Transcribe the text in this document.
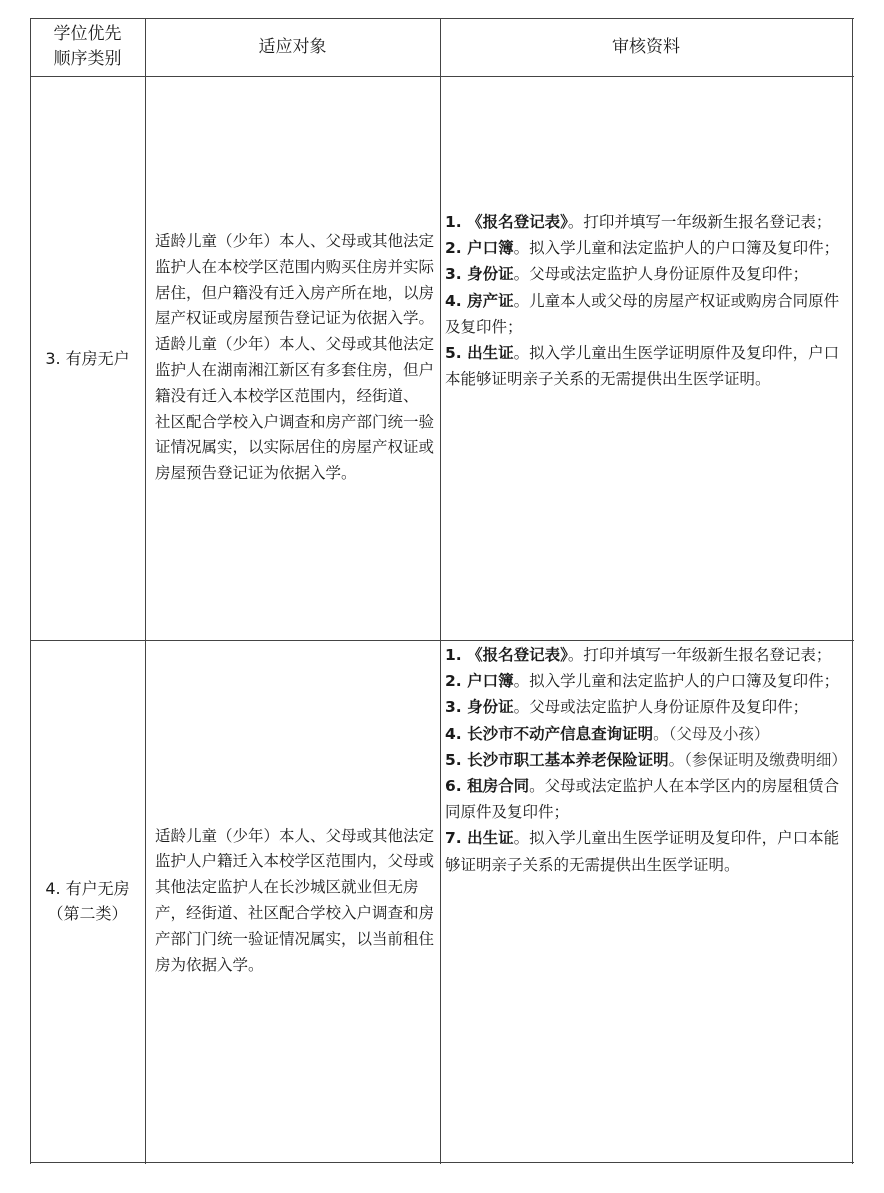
学位优先顺序类别
适应对象	审核资料
3. 有房无户
适龄儿童（少年）本人、父母或其他法定监护人在本校学区范围内购买住房并实际居住，但户籍没有迁入房产所在地，以房屋产权证或房屋预告登记证为依据入学。适龄儿童（少年）本人、父母或其他法定监护人在湖南湘江新区有多套住房，但户籍没有迁入本校学区范围内，经街道、 社区配合学校入户调查和房产部门统一验证情况属实，以实际居住的房屋产权证或房屋预告登记证为依据入学。

1. 《报名登记表》。打印并填写一年级新生报名登记表；

2. 户口簿。拟入学儿童和法定监护人的户口簿及复印件；

3. 身份证。父母或法定监护人身份证原件及复印件；

4. 房产证。儿童本人或父母的房屋产权证或购房合同原件及复印件；

5. 出生证。拟入学儿童出生医学证明原件及复印件，户口本能够证明亲子关系的无需提供出生医学证明。

4. 有户无房
（第二类）
适龄儿童（少年）本人、父母或其他法定监护人户籍迁入本校学区范围内，父母或其他法定监护人在长沙城区就业但无房产，经街道、社区配合学校入户调查和房产部门门统一验证情况属实，以当前租住房为依据入学。

1. 《报名登记表》。打印并填写一年级新生报名登记表；

2. 户口簿。拟入学儿童和法定监护人的户口簿及复印件；

3. 身份证。父母或法定监护人身份证原件及复印件；

4. 长沙市不动产信息查询证明。（父母及小孩）

5. 长沙市职工基本养老保险证明。（参保证明及缴费明细）

6. 租房合同。父母或法定监护人在本学区内的房屋租赁合同原件及复印件；

7. 出生证。拟入学儿童出生医学证明及复印件，户口本能够证明亲子关系的无需提供出生医学证明。
